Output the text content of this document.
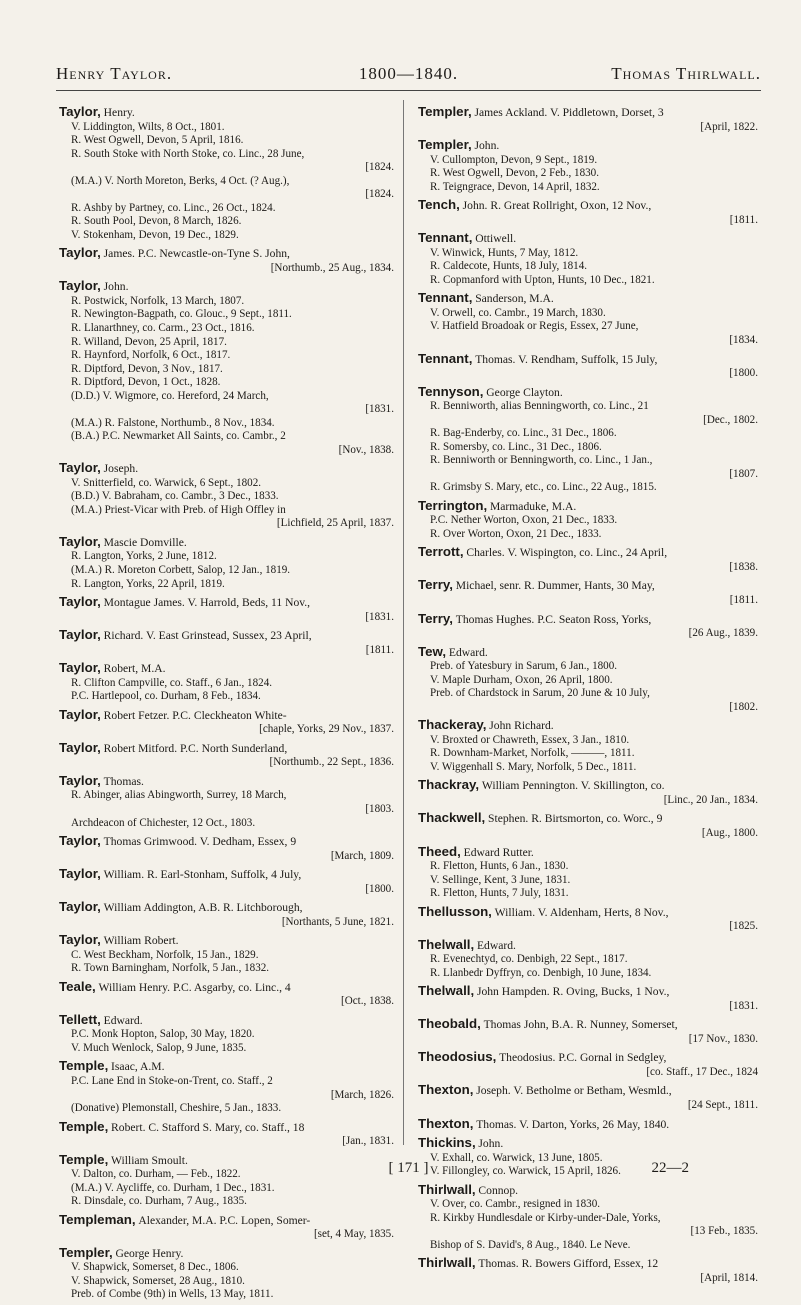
Henry Taylor.	1800—1840.	Thomas Thirlwall.
Taylor, Henry.
V. Liddington, Wilts, 8 Oct., 1801.
R. West Ogwell, Devon, 5 April, 1816.
R. South Stoke with North Stoke, co. Linc., 28 June,
[1824.
(M.A.) V. North Moreton, Berks, 4 Oct. (? Aug.),
[1824.
R. Ashby by Partney, co. Linc., 26 Oct., 1824.
R. South Pool, Devon, 8 March, 1826.
V. Stokenham, Devon, 19 Dec., 1829.
Taylor, James. P.C. Newcastle-on-Tyne S. John,
[Northumb., 25 Aug., 1834.
Taylor, John.
R. Postwick, Norfolk, 13 March, 1807.
R. Newington-Bagpath, co. Glouc., 9 Sept., 1811.
R. Llanarthney, co. Carm., 23 Oct., 1816.
R. Willand, Devon, 25 April, 1817.
R. Haynford, Norfolk, 6 Oct., 1817.
R. Diptford, Devon, 3 Nov., 1817.
R. Diptford, Devon, 1 Oct., 1828.
(D.D.) V. Wigmore, co. Hereford, 24 March,
[1831.
(M.A.) R. Falstone, Northumb., 8 Nov., 1834.
(B.A.) P.C. Newmarket All Saints, co. Cambr., 2
[Nov., 1838.
Taylor, Joseph.
V. Snitterfield, co. Warwick, 6 Sept., 1802.
(B.D.) V. Babraham, co. Cambr., 3 Dec., 1833.
(M.A.) Priest-Vicar with Preb. of High Offley in
[Lichfield, 25 April, 1837.
Taylor, Mascie Domville.
R. Langton, Yorks, 2 June, 1812.
(M.A.) R. Moreton Corbett, Salop, 12 Jan., 1819.
R. Langton, Yorks, 22 April, 1819.
Taylor, Montague James. V. Harrold, Beds, 11 Nov.,
[1831.
Taylor, Richard. V. East Grinstead, Sussex, 23 April,
[1811.
Taylor, Robert, M.A.
R. Clifton Campville, co. Staff., 6 Jan., 1824.
P.C. Hartlepool, co. Durham, 8 Feb., 1834.
Taylor, Robert Fetzer. P.C. Cleckheaton White-
[chaple, Yorks, 29 Nov., 1837.
Taylor, Robert Mitford. P.C. North Sunderland,
[Northumb., 22 Sept., 1836.
Taylor, Thomas.
R. Abinger, alias Abingworth, Surrey, 18 March,
[1803.
Archdeacon of Chichester, 12 Oct., 1803.
Taylor, Thomas Grimwood. V. Dedham, Essex, 9
[March, 1809.
Taylor, William. R. Earl-Stonham, Suffolk, 4 July,
[1800.
Taylor, William Addington, A.B. R. Litchborough,
[Northants, 5 June, 1821.
Taylor, William Robert.
C. West Beckham, Norfolk, 15 Jan., 1829.
R. Town Barningham, Norfolk, 5 Jan., 1832.
Teale, William Henry. P.C. Asgarby, co. Linc., 4
[Oct., 1838.
Tellett, Edward.
P.C. Monk Hopton, Salop, 30 May, 1820.
V. Much Wenlock, Salop, 9 June, 1835.
Temple, Isaac, A.M.
P.C. Lane End in Stoke-on-Trent, co. Staff., 2
[March, 1826.
(Donative) Plemonstall, Cheshire, 5 Jan., 1833.
Temple, Robert. C. Stafford S. Mary, co. Staff., 18
[Jan., 1831.
Temple, William Smoult.
V. Dalton, co. Durham, — Feb., 1822.
(M.A.) V. Aycliffe, co. Durham, 1 Dec., 1831.
R. Dinsdale, co. Durham, 7 Aug., 1835.
Templeman, Alexander, M.A. P.C. Lopen, Somer-
[set, 4 May, 1835.
Templer, George Henry.
V. Shapwick, Somerset, 8 Dec., 1806.
V. Shapwick, Somerset, 28 Aug., 1810.
Preb. of Combe (9th) in Wells, 13 May, 1811.
Templer, James Ackland. V. Piddletown, Dorset, 3
[April, 1822.
Templer, John.
V. Cullompton, Devon, 9 Sept., 1819.
R. West Ogwell, Devon, 2 Feb., 1830.
R. Teigngrace, Devon, 14 April, 1832.
Tench, John. R. Great Rollright, Oxon, 12 Nov.,
[1811.
Tennant, Ottiwell.
V. Winwick, Hunts, 7 May, 1812.
R. Caldecote, Hunts, 18 July, 1814.
R. Copmanford with Upton, Hunts, 10 Dec., 1821.
Tennant, Sanderson, M.A.
V. Orwell, co. Cambr., 19 March, 1830.
V. Hatfield Broadoak or Regis, Essex, 27 June,
[1834.
Tennant, Thomas. V. Rendham, Suffolk, 15 July,
[1800.
Tennyson, George Clayton.
R. Benniworth, alias Benningworth, co. Linc., 21
[Dec., 1802.
R. Bag-Enderby, co. Linc., 31 Dec., 1806.
R. Somersby, co. Linc., 31 Dec., 1806.
R. Benniworth or Benningworth, co. Linc., 1 Jan.,
[1807.
R. Grimsby S. Mary, etc., co. Linc., 22 Aug., 1815.
Terrington, Marmaduke, M.A.
P.C. Nether Worton, Oxon, 21 Dec., 1833.
R. Over Worton, Oxon, 21 Dec., 1833.
Terrott, Charles. V. Wispington, co. Linc., 24 April,
[1838.
Terry, Michael, senr. R. Dummer, Hants, 30 May,
[1811.
Terry, Thomas Hughes. P.C. Seaton Ross, Yorks,
[26 Aug., 1839.
Tew, Edward.
Preb. of Yatesbury in Sarum, 6 Jan., 1800.
V. Maple Durham, Oxon, 26 April, 1800.
Preb. of Chardstock in Sarum, 20 June & 10 July,
[1802.
Thackeray, John Richard.
V. Broxted or Chawreth, Essex, 3 Jan., 1810.
R. Downham-Market, Norfolk, ———, 1811.
V. Wiggenhall S. Mary, Norfolk, 5 Dec., 1811.
Thackray, William Pennington. V. Skillington, co.
[Linc., 20 Jan., 1834.
Thackwell, Stephen. R. Birtsmorton, co. Worc., 9
[Aug., 1800.
Theed, Edward Rutter.
R. Fletton, Hunts, 6 Jan., 1830.
V. Sellinge, Kent, 3 June, 1831.
R. Fletton, Hunts, 7 July, 1831.
Thellusson, William. V. Aldenham, Herts, 8 Nov.,
[1825.
Thelwall, Edward.
R. Evenechtyd, co. Denbigh, 22 Sept., 1817.
R. Llanbedr Dyffryn, co. Denbigh, 10 June, 1834.
Thelwall, John Hampden. R. Oving, Bucks, 1 Nov.,
[1831.
Theobald, Thomas John, B.A. R. Nunney, Somerset,
[17 Nov., 1830.
Theodosius, Theodosius. P.C. Gornal in Sedgley,
[co. Staff., 17 Dec., 1824
Thexton, Joseph. V. Betholme or Betham, Wesmld.,
[24 Sept., 1811.
Thexton, Thomas. V. Darton, Yorks, 26 May, 1840.
Thickins, John.
V. Exhall, co. Warwick, 13 June, 1805.
V. Fillongley, co. Warwick, 15 April, 1826.
Thirlwall, Connop.
V. Over, co. Cambr., resigned in 1830.
R. Kirkby Hundlesdale or Kirby-under-Dale, Yorks,
[13 Feb., 1835.
Bishop of S. David's, 8 Aug., 1840. Le Neve.
Thirlwall, Thomas. R. Bowers Gifford, Essex, 12
[April, 1814.
[ 171 ]	22—2
